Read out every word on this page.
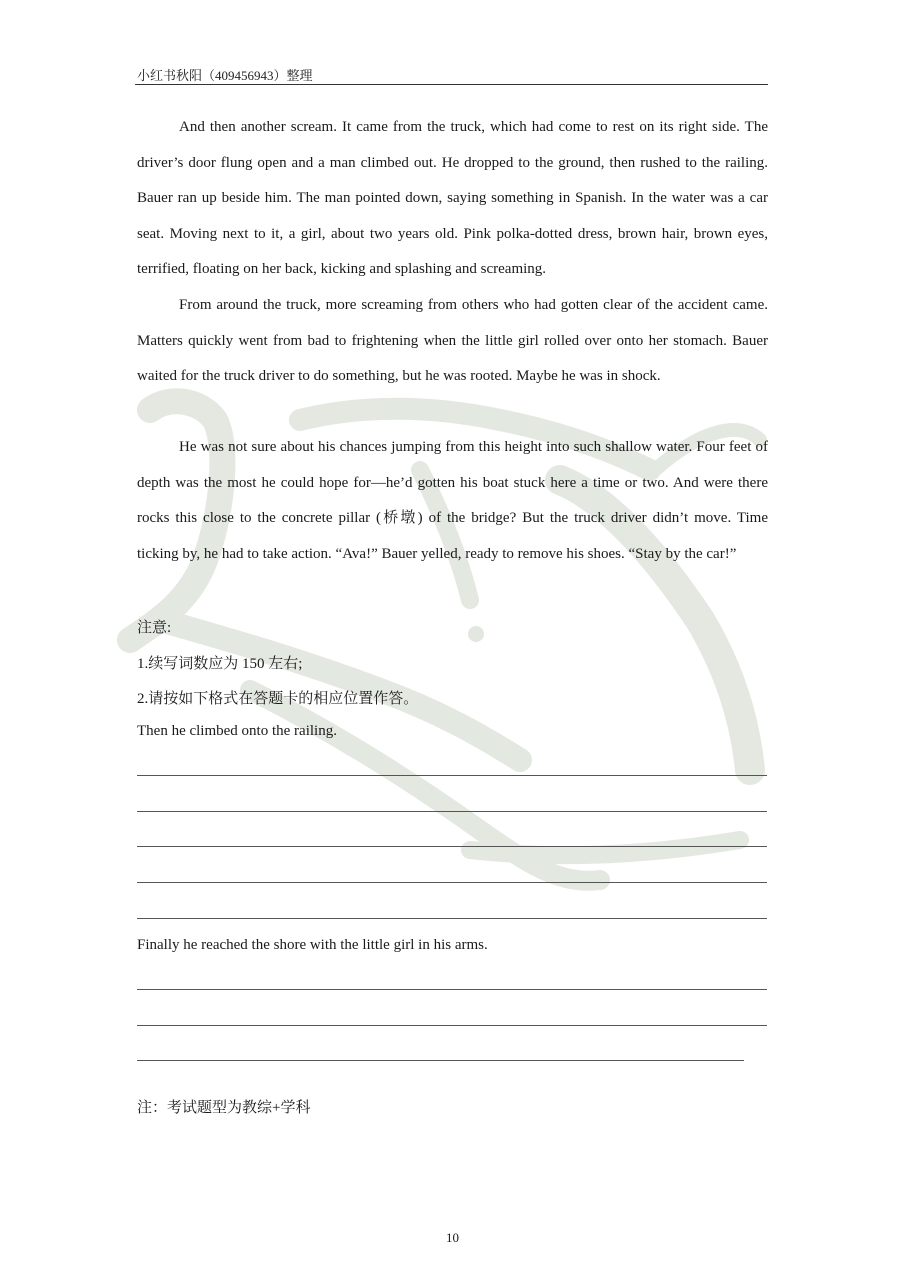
小红书秋阳（409456943）整理

And then another scream. It came from the truck, which had come to rest on its right side. The driver’s door flung open and a man climbed out. He dropped to the ground, then rushed to the railing. Bauer ran up beside him. The man pointed down, saying something in Spanish. In the water was a car seat. Moving next to it, a girl, about two years old. Pink polka-dotted dress, brown hair, brown eyes, terrified, floating on her back, kicking and splashing and screaming.

From around the truck, more screaming from others who had gotten clear of the accident came. Matters quickly went from bad to frightening when the little girl rolled over onto her stomach. Bauer waited for the truck driver to do something, but he was rooted. Maybe he was in shock.

He was not sure about his chances jumping from this height into such shallow water. Four feet of depth was the most he could hope for—he’d gotten his boat stuck here a time or two. And were there rocks this close to the concrete pillar (桥墩) of the bridge? But the truck driver didn’t move. Time ticking by, he had to take action. “Ava!” Bauer yelled, ready to remove his shoes. “Stay by the car!”

注意:

1.续写词数应为 150 左右;

2.请按如下格式在答题卡的相应位置作答。

Then he climbed onto the railing.

Finally he reached the shore with the little girl in his arms.

注：考试题型为教综+学科

10
